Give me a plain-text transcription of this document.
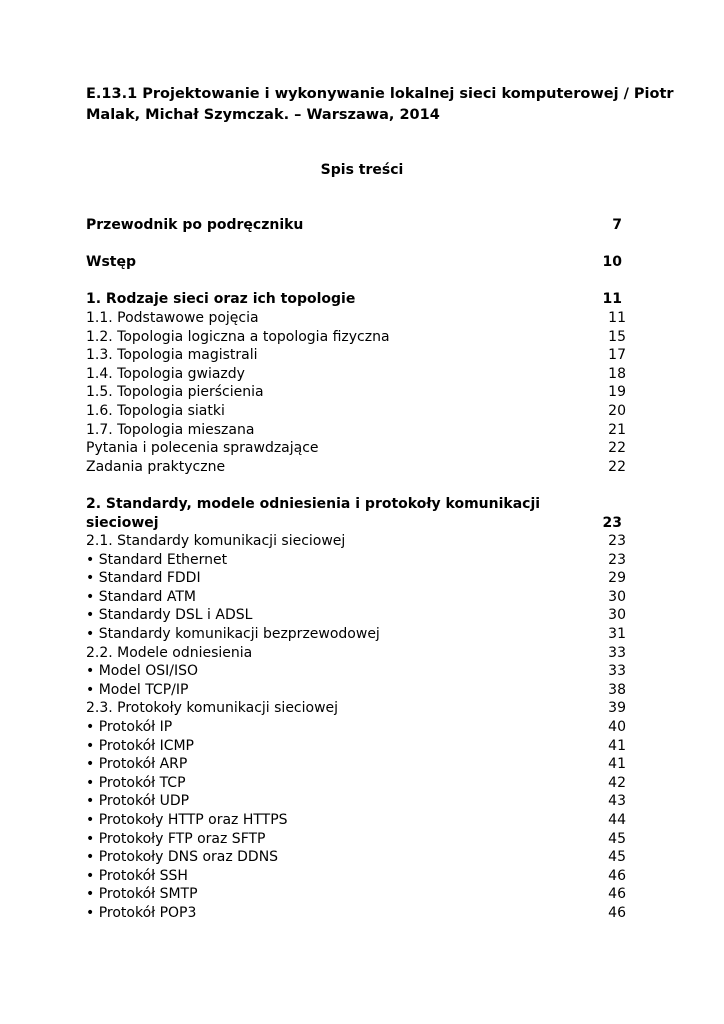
E.13.1 Projektowanie i wykonywanie lokalnej sieci komputerowej / Piotr
Malak, Michał Szymczak. – Warszawa, 2014
Spis treści
Przewodnik po podręczniku	7
Wstęp	10
1. Rodzaje sieci oraz ich topologie	11
1.1. Podstawowe pojęcia	11
1.2. Topologia logiczna a topologia fizyczna	15
1.3. Topologia magistrali	17
1.4. Topologia gwiazdy	18
1.5. Topologia pierścienia	19
1.6. Topologia siatki	20
1.7. Topologia mieszana	21
Pytania i polecenia sprawdzające	22
Zadania praktyczne	22
2. Standardy, modele odniesienia i protokoły komunikacji
sieciowej	23
2.1. Standardy komunikacji sieciowej	23
• Standard Ethernet	23
• Standard FDDI	29
• Standard ATM	30
• Standardy DSL i ADSL	30
• Standardy komunikacji bezprzewodowej	31
2.2. Modele odniesienia	33
• Model OSI/ISO	33
• Model TCP/IP	38
2.3. Protokoły komunikacji sieciowej	39
• Protokół IP	40
• Protokół ICMP	41
• Protokół ARP	41
• Protokół TCP	42
• Protokół UDP	43
• Protokoły HTTP oraz HTTPS	44
• Protokoły FTP oraz SFTP	45
• Protokoły DNS oraz DDNS	45
• Protokół SSH	46
• Protokół SMTP	46
• Protokół POP3	46
